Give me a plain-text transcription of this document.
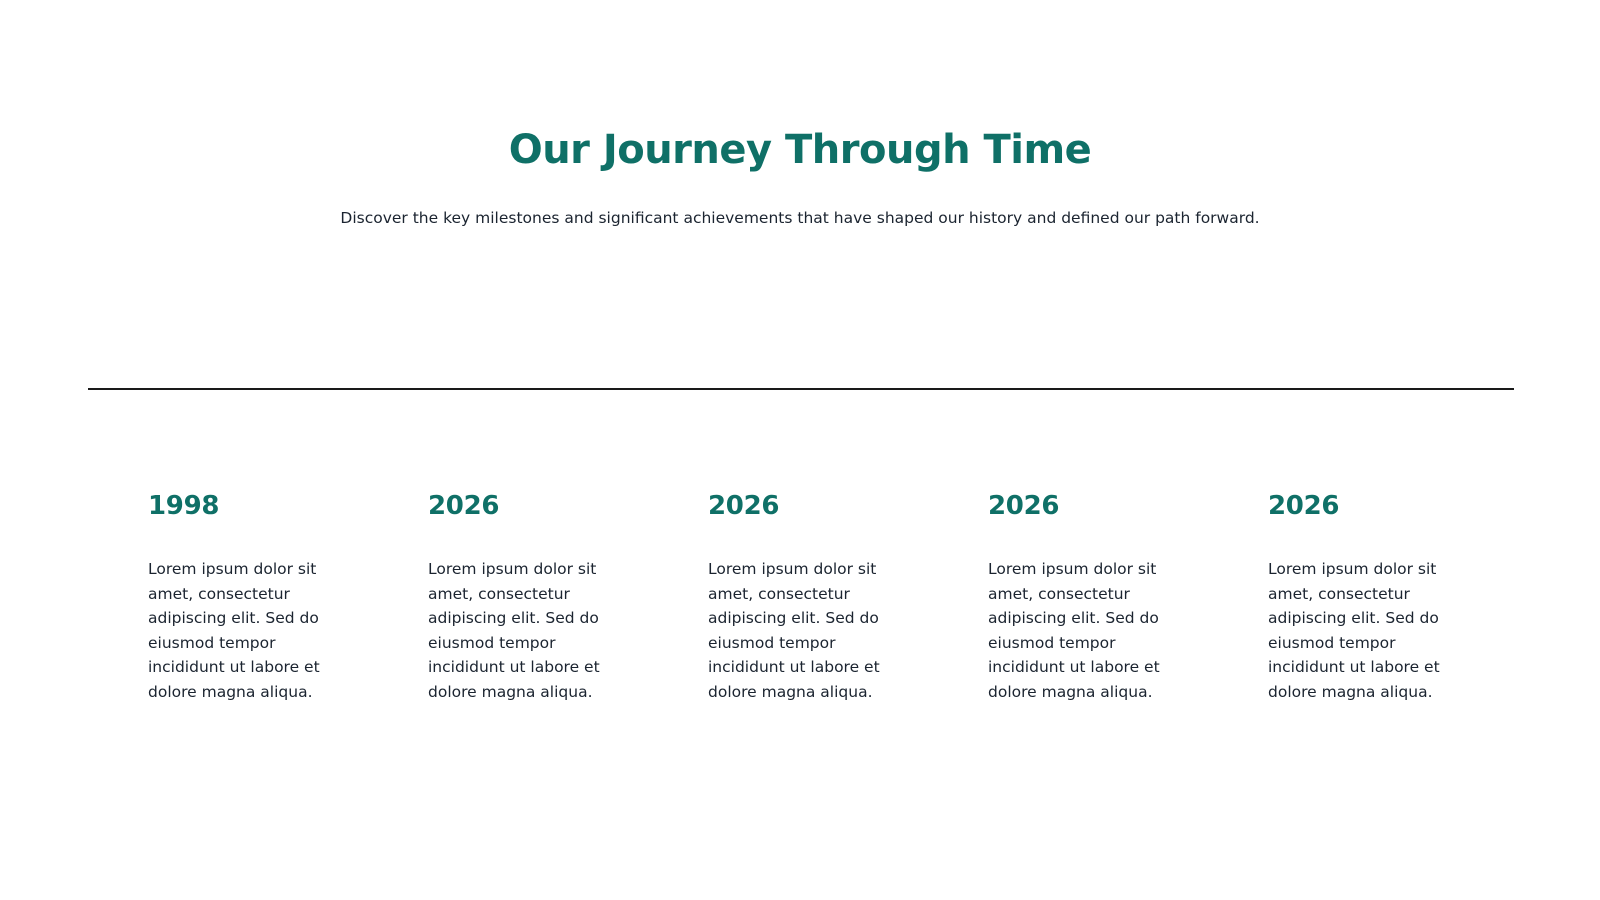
Our Journey Through Time

Discover the key milestones and significant achievements that have shaped our history and defined our path forward.

1998

Lorem ipsum dolor sit amet, consectetur adipiscing elit. Sed do eiusmod tempor incididunt ut labore et dolore magna aliqua.

2026

Lorem ipsum dolor sit amet, consectetur adipiscing elit. Sed do eiusmod tempor incididunt ut labore et dolore magna aliqua.

2026

Lorem ipsum dolor sit amet, consectetur adipiscing elit. Sed do eiusmod tempor incididunt ut labore et dolore magna aliqua.

2026

Lorem ipsum dolor sit amet, consectetur adipiscing elit. Sed do eiusmod tempor incididunt ut labore et dolore magna aliqua.

2026

Lorem ipsum dolor sit amet, consectetur adipiscing elit. Sed do eiusmod tempor incididunt ut labore et dolore magna aliqua.
